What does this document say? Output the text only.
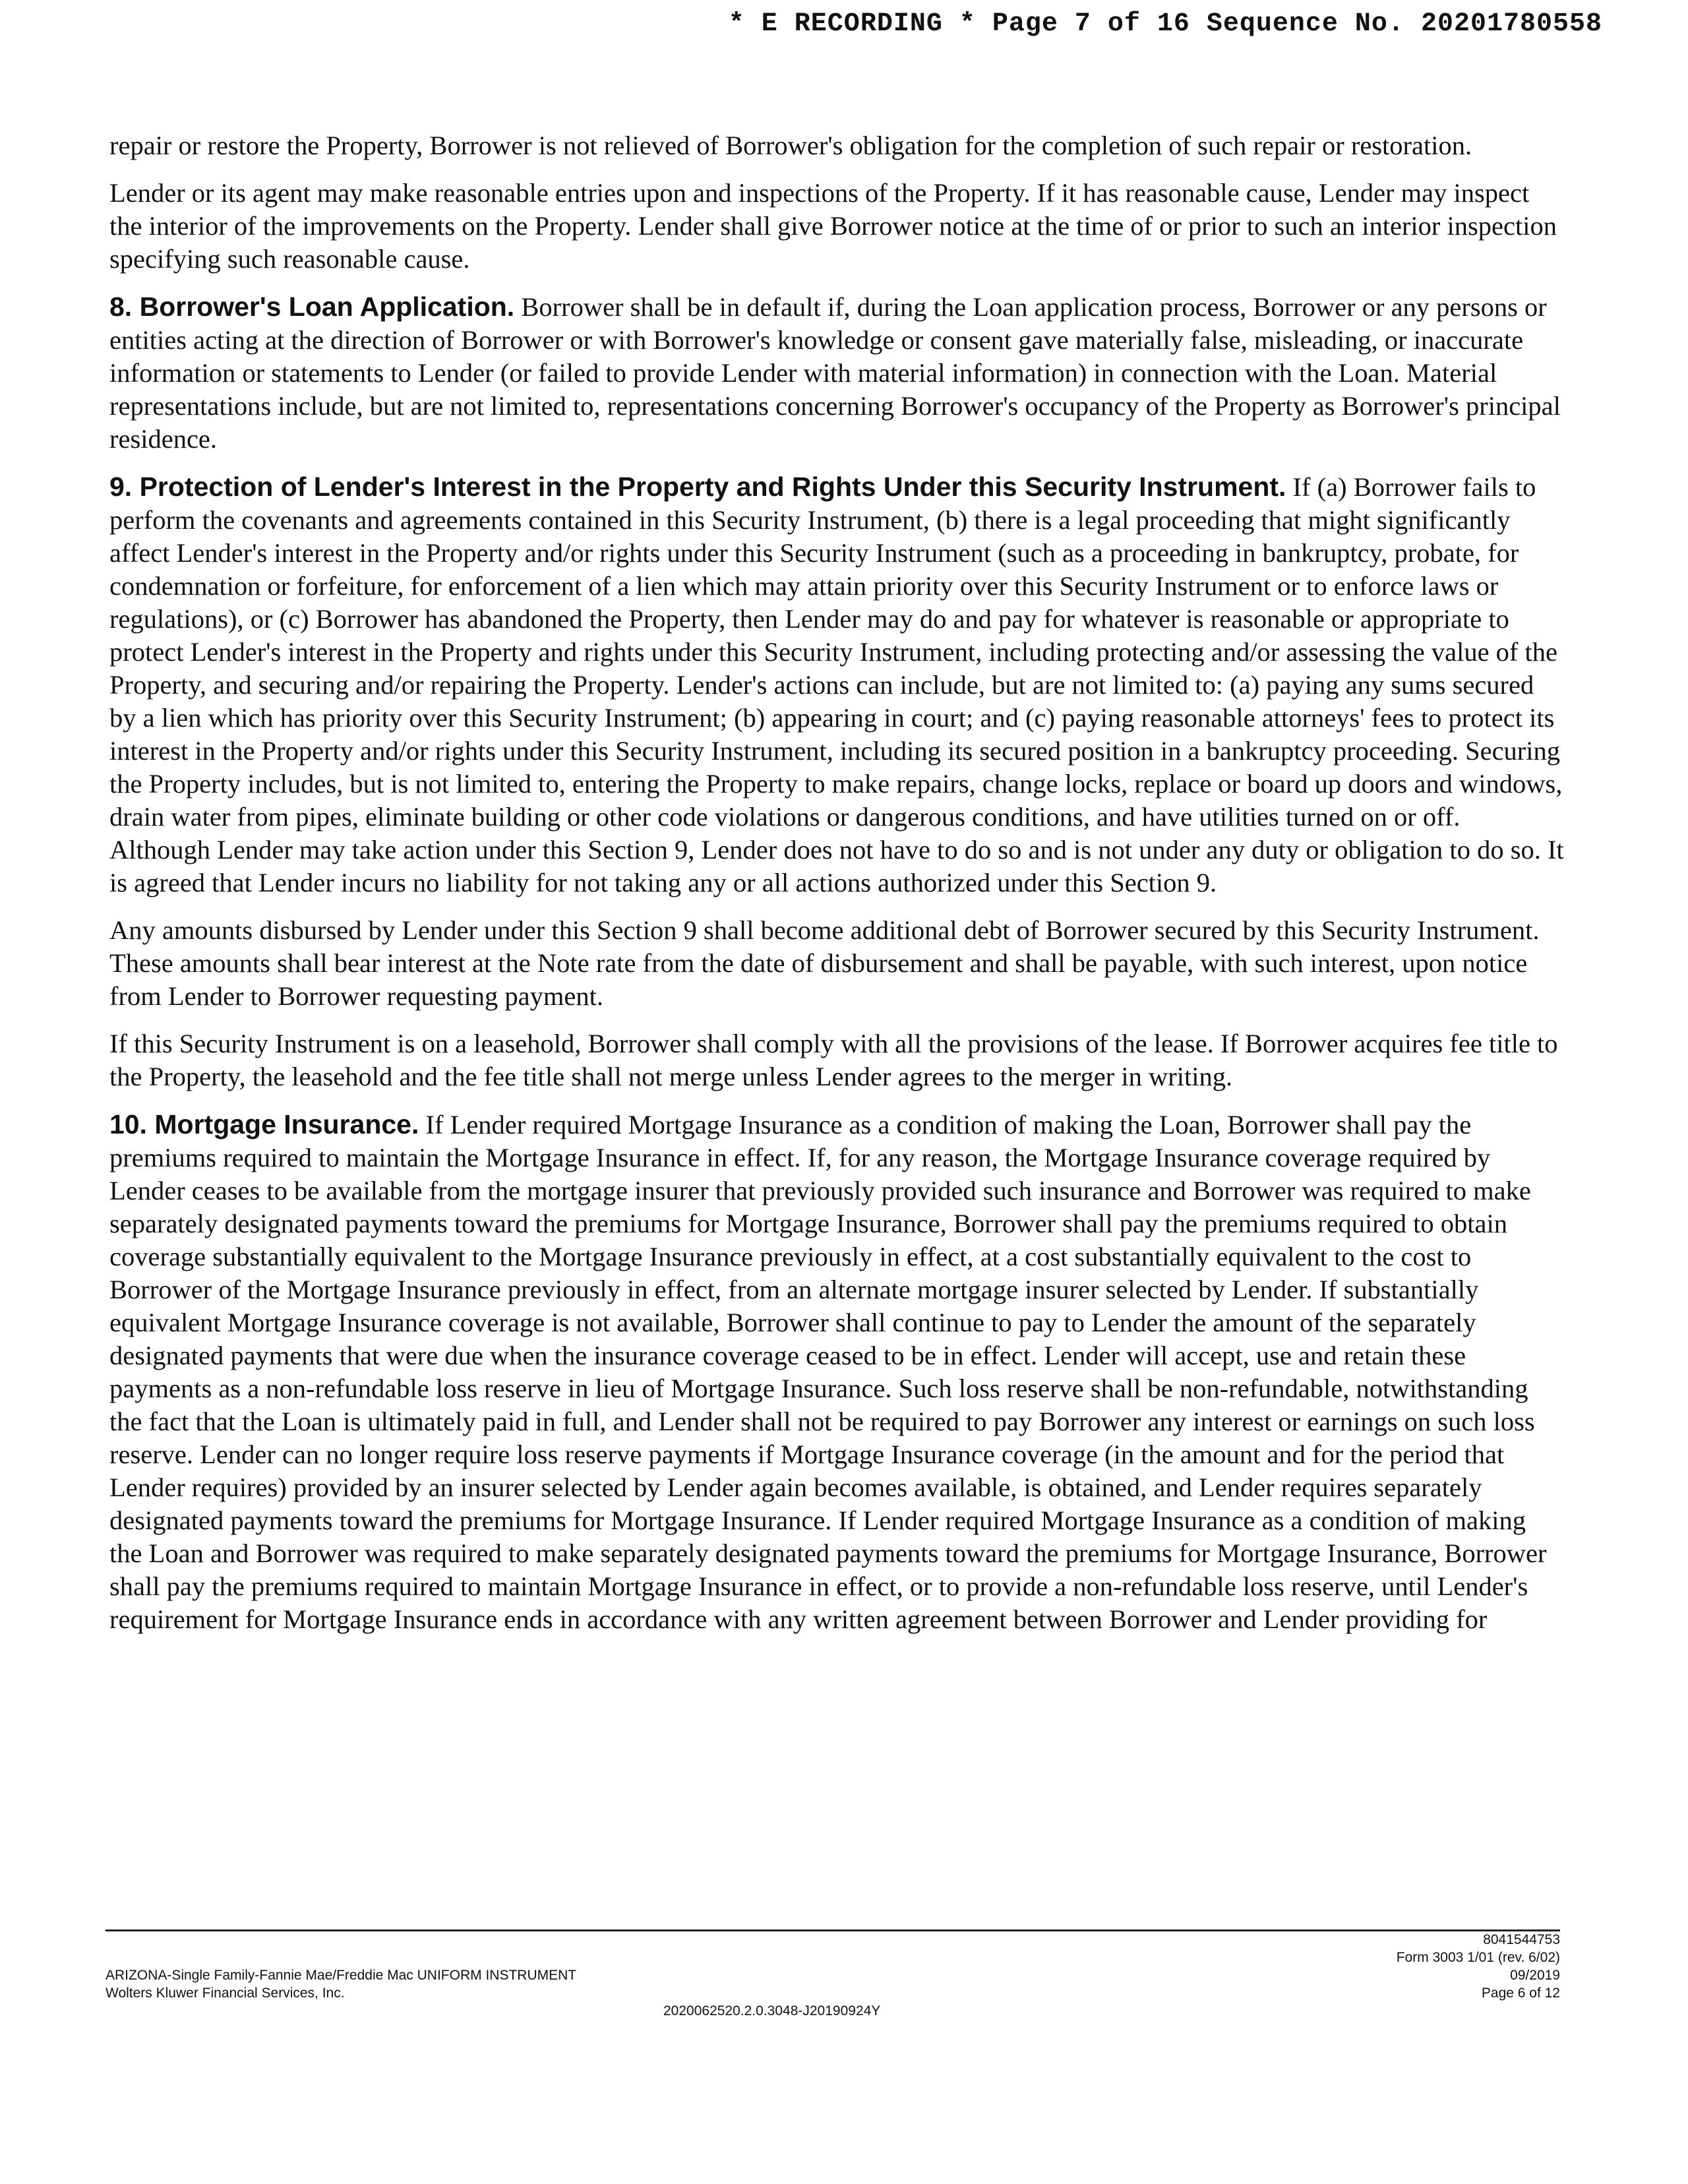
* E RECORDING * Page 7 of 16 Sequence No. 20201780558

repair or restore the Property, Borrower is not relieved of Borrower's obligation for the completion of such repair or restoration.

Lender or its agent may make reasonable entries upon and inspections of the Property. If it has reasonable cause, Lender may inspect the interior of the improvements on the Property. Lender shall give Borrower notice at the time of or prior to such an interior inspection specifying such reasonable cause.

8. Borrower's Loan Application. Borrower shall be in default if, during the Loan application process, Borrower or any persons or entities acting at the direction of Borrower or with Borrower's knowledge or consent gave materially false, misleading, or inaccurate information or statements to Lender (or failed to provide Lender with material information) in connection with the Loan. Material representations include, but are not limited to, representations concerning Borrower's occupancy of the Property as Borrower's principal residence.

9. Protection of Lender's Interest in the Property and Rights Under this Security Instrument. If (a) Borrower fails to perform the covenants and agreements contained in this Security Instrument, (b) there is a legal proceeding that might significantly affect Lender's interest in the Property and/or rights under this Security Instrument (such as a proceeding in bankruptcy, probate, for condemnation or forfeiture, for enforcement of a lien which may attain priority over this Security Instrument or to enforce laws or regulations), or (c) Borrower has abandoned the Property, then Lender may do and pay for whatever is reasonable or appropriate to protect Lender's interest in the Property and rights under this Security Instrument, including protecting and/or assessing the value of the Property, and securing and/or repairing the Property. Lender's actions can include, but are not limited to: (a) paying any sums secured by a lien which has priority over this Security Instrument; (b) appearing in court; and (c) paying reasonable attorneys' fees to protect its interest in the Property and/or rights under this Security Instrument, including its secured position in a bankruptcy proceeding. Securing the Property includes, but is not limited to, entering the Property to make repairs, change locks, replace or board up doors and windows, drain water from pipes, eliminate building or other code violations or dangerous conditions, and have utilities turned on or off. Although Lender may take action under this Section 9, Lender does not have to do so and is not under any duty or obligation to do so. It is agreed that Lender incurs no liability for not taking any or all actions authorized under this Section 9.

Any amounts disbursed by Lender under this Section 9 shall become additional debt of Borrower secured by this Security Instrument. These amounts shall bear interest at the Note rate from the date of disbursement and shall be payable, with such interest, upon notice from Lender to Borrower requesting payment.

If this Security Instrument is on a leasehold, Borrower shall comply with all the provisions of the lease. If Borrower acquires fee title to the Property, the leasehold and the fee title shall not merge unless Lender agrees to the merger in writing.

10. Mortgage Insurance. If Lender required Mortgage Insurance as a condition of making the Loan, Borrower shall pay the premiums required to maintain the Mortgage Insurance in effect. If, for any reason, the Mortgage Insurance coverage required by Lender ceases to be available from the mortgage insurer that previously provided such insurance and Borrower was required to make separately designated payments toward the premiums for Mortgage Insurance, Borrower shall pay the premiums required to obtain coverage substantially equivalent to the Mortgage Insurance previously in effect, at a cost substantially equivalent to the cost to Borrower of the Mortgage Insurance previously in effect, from an alternate mortgage insurer selected by Lender. If substantially equivalent Mortgage Insurance coverage is not available, Borrower shall continue to pay to Lender the amount of the separately designated payments that were due when the insurance coverage ceased to be in effect. Lender will accept, use and retain these payments as a non-refundable loss reserve in lieu of Mortgage Insurance. Such loss reserve shall be non-refundable, notwithstanding the fact that the Loan is ultimately paid in full, and Lender shall not be required to pay Borrower any interest or earnings on such loss reserve. Lender can no longer require loss reserve payments if Mortgage Insurance coverage (in the amount and for the period that Lender requires) provided by an insurer selected by Lender again becomes available, is obtained, and Lender requires separately designated payments toward the premiums for Mortgage Insurance. If Lender required Mortgage Insurance as a condition of making the Loan and Borrower was required to make separately designated payments toward the premiums for Mortgage Insurance, Borrower shall pay the premiums required to maintain Mortgage Insurance in effect, or to provide a non-refundable loss reserve, until Lender's requirement for Mortgage Insurance ends in accordance with any written agreement between Borrower and Lender providing for

ARIZONA-Single Family-Fannie Mae/Freddie Mac UNIFORM INSTRUMENT
Wolters Kluwer Financial Services, Inc.
2020062520.2.0.3048-J20190924Y
8041544753
Form 3003 1/01 (rev. 6/02)
09/2019
Page 6 of 12
